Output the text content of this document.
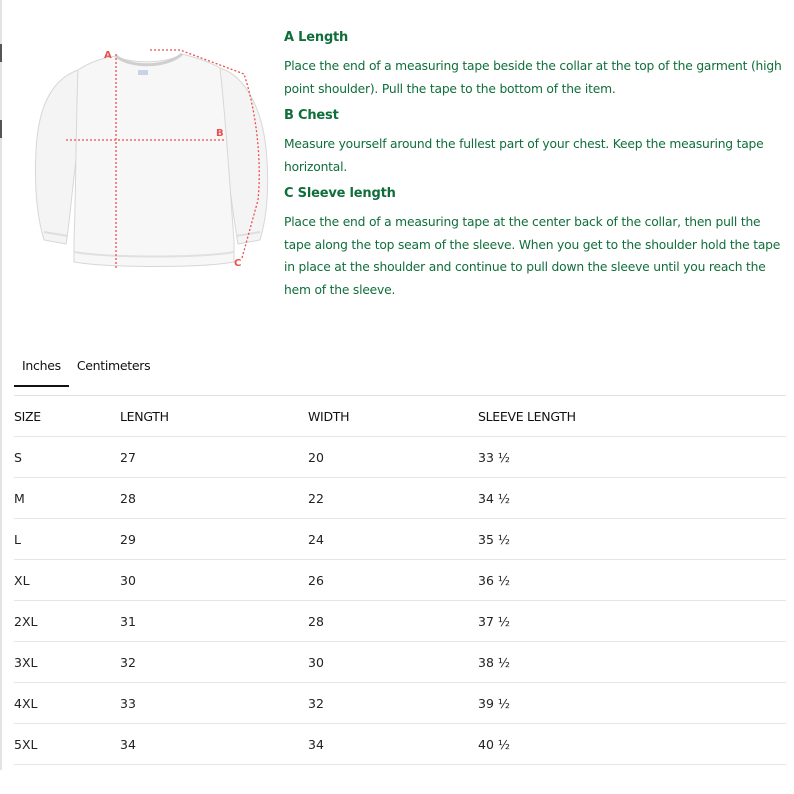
A
B
C
A Length

Place the end of a measuring tape beside the collar at the top of the garment (high point shoulder). Pull the tape to the bottom of the item.

B Chest

Measure yourself around the fullest part of your chest. Keep the measuring tape horizontal.

C Sleeve length

Place the end of a measuring tape at the center back of the collar, then pull the tape along the top seam of the sleeve. When you get to the shoulder hold the tape in place at the shoulder and continue to pull down the sleeve until you reach the hem of the sleeve.

Inches	Centimeters
SIZE	LENGTH	WIDTH	SLEEVE LENGTH
S	27	20	33 ½
M	28	22	34 ½
L	29	24	35 ½
XL	30	26	36 ½
2XL	31	28	37 ½
3XL	32	30	38 ½
4XL	33	32	39 ½
5XL	34	34	40 ½
